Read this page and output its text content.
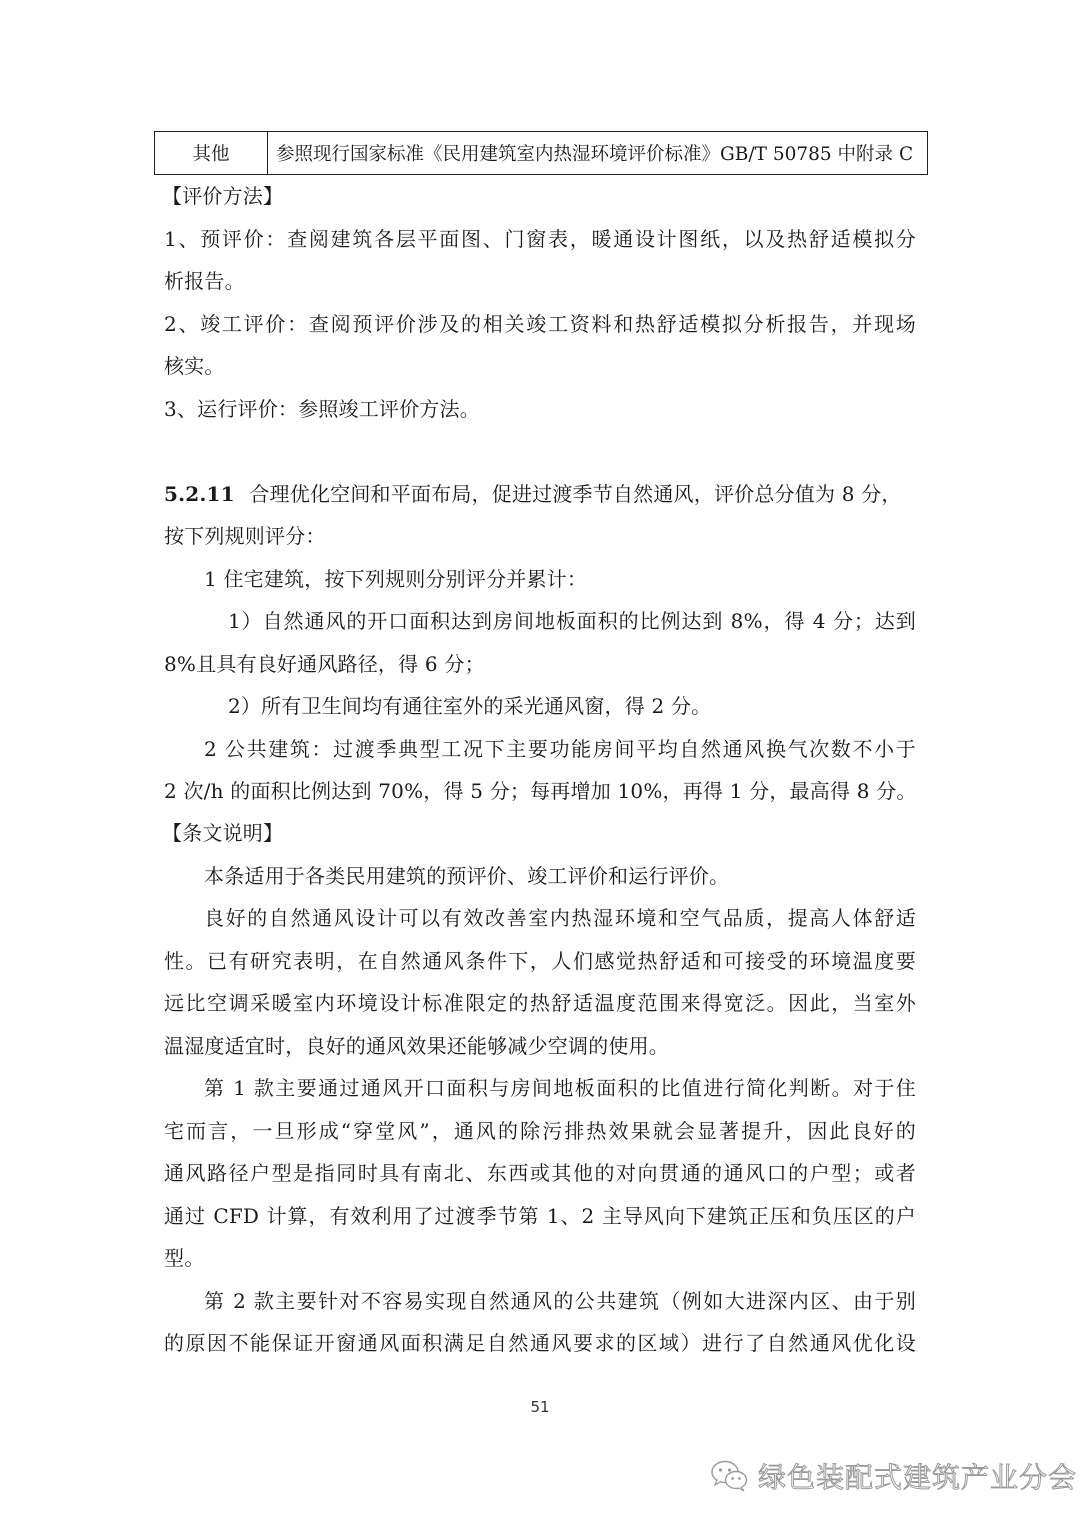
其他	参照现行国家标准《民用建筑室内热湿环境评价标准》GB/T 50785 中附录 C
【评价方法】
1、预评价：查阅建筑各层平面图、门窗表，暖通设计图纸，以及热舒适模拟分
析报告。
2、竣工评价：查阅预评价涉及的相关竣工资料和热舒适模拟分析报告，并现场
核实。
3、运行评价：参照竣工评价方法。
5.2.11 合理优化空间和平面布局，促进过渡季节自然通风，评价总分值为 8 分，
按下列规则评分：
1 住宅建筑，按下列规则分别评分并累计：
1）自然通风的开口面积达到房间地板面积的比例达到 8%，得 4 分；达到
8%且具有良好通风路径，得 6 分；
2）所有卫生间均有通往室外的采光通风窗，得 2 分。
2 公共建筑：过渡季典型工况下主要功能房间平均自然通风换气次数不小于
2 次/h 的面积比例达到 70%，得 5 分；每再增加 10%，再得 1 分，最高得 8 分。
【条文说明】
本条适用于各类民用建筑的预评价、竣工评价和运行评价。
良好的自然通风设计可以有效改善室内热湿环境和空气品质，提高人体舒适
性。已有研究表明，在自然通风条件下，人们感觉热舒适和可接受的环境温度要
远比空调采暖室内环境设计标准限定的热舒适温度范围来得宽泛。因此，当室外
温湿度适宜时，良好的通风效果还能够减少空调的使用。
第 1 款主要通过通风开口面积与房间地板面积的比值进行简化判断。对于住
宅而言，一旦形成“穿堂风”，通风的除污排热效果就会显著提升，因此良好的
通风路径户型是指同时具有南北、东西或其他的对向贯通的通风口的户型；或者
通过 CFD 计算，有效利用了过渡季节第 1、2 主导风向下建筑正压和负压区的户
型。
第 2 款主要针对不容易实现自然通风的公共建筑（例如大进深内区、由于别
的原因不能保证开窗通风面积满足自然通风要求的区域）进行了自然通风优化设
51
绿色装配式建筑产业分会
